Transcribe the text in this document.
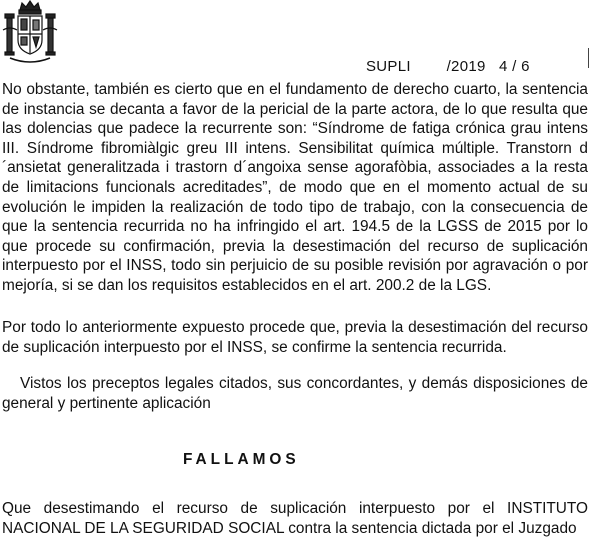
SUPLI        /2019   4 / 6

No obstante, también es cierto que en el fundamento de derecho cuarto, la sentencia de instancia se decanta a favor de la pericial de la parte actora, de lo que resulta que las dolencias que padece la recurrente son: “Síndrome de fatiga crónica grau intens III. Síndrome fibromiàlgic greu III intens. Sensibilitat química múltiple. Transtorn d´ansietat generalitzada i trastorn d´angoixa sense agorafòbia, associades a la resta de limitacions funcionals acreditades”, de modo que en el momento actual de su evolución le impiden la realización de todo tipo de trabajo, con la consecuencia de que la sentencia recurrida no ha infringido el art. 194.5 de la LGSS de 2015 por lo que procede su confirmación, previa la desestimación del recurso de suplicación interpuesto por el INSS, todo sin perjuicio de su posible revisión por agravación o por mejoría, si se dan los requisitos establecidos en el art. 200.2 de la LGS.

Por todo lo anteriormente expuesto procede que, previa la desestimación del recurso de suplicación interpuesto por el INSS, se confirme la sentencia recurrida.

Vistos los preceptos legales citados, sus concordantes, y demás disposiciones de general y pertinente aplicación

FALLAMOS

Que desestimando el recurso de suplicación interpuesto por el INSTITUTO NACIONAL DE LA SEGURIDAD SOCIAL contra la sentencia dictada por el Juzgado
